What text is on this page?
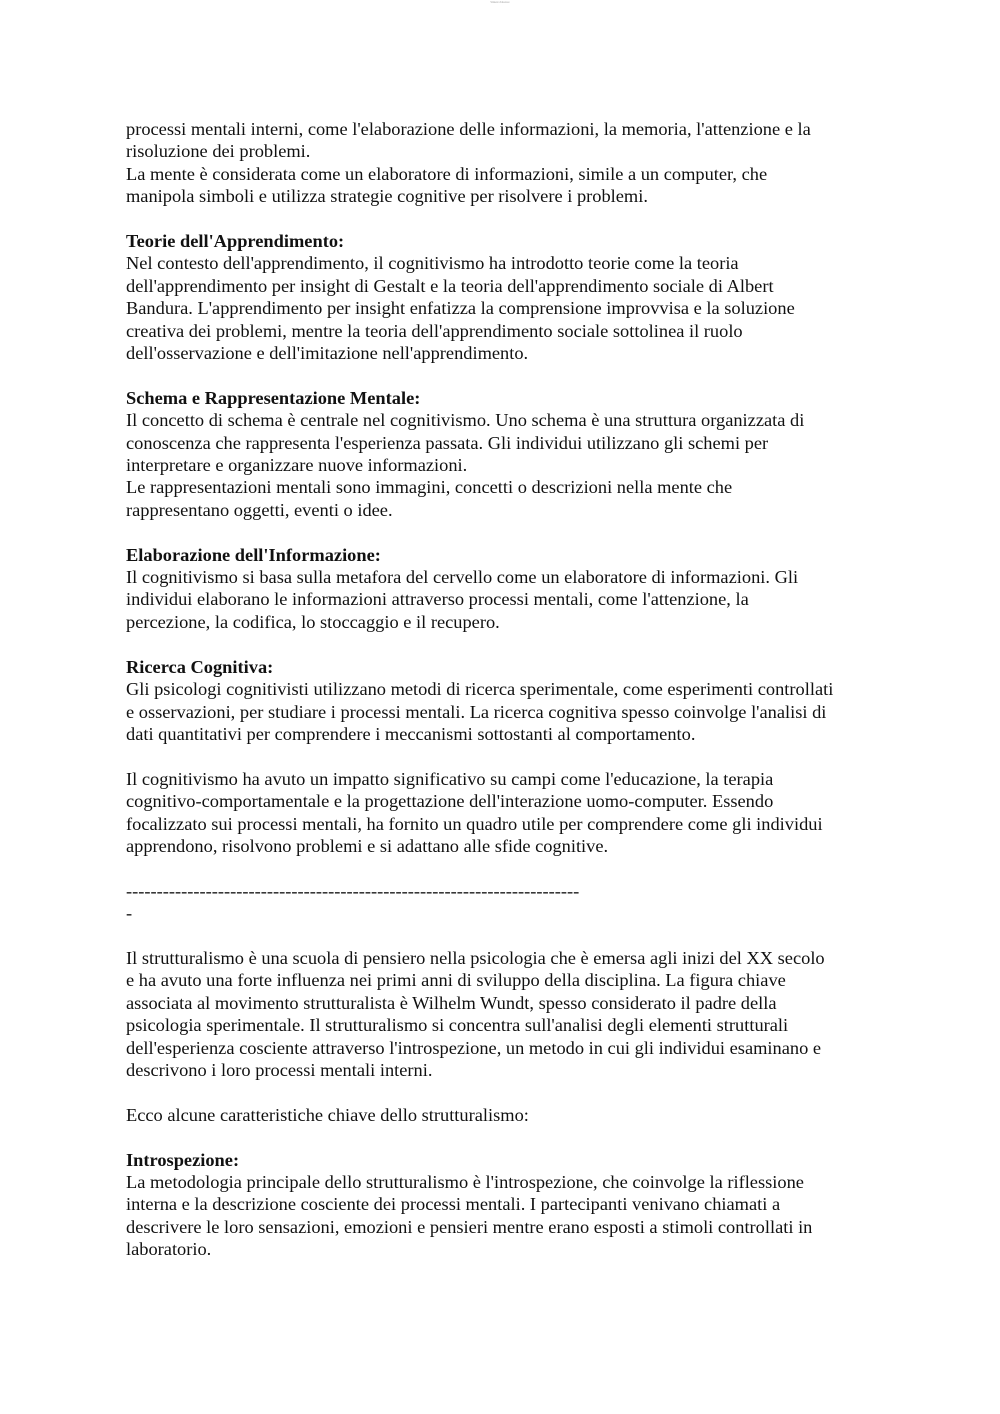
Sintesi d'Autore

processi mentali interni, come l'elaborazione delle informazioni, la memoria, l'attenzione e la
risoluzione dei problemi.
La mente è considerata come un elaboratore di informazioni, simile a un computer, che
manipola simboli e utilizza strategie cognitive per risolvere i problemi.

Teorie dell'Apprendimento:

Nel contesto dell'apprendimento, il cognitivismo ha introdotto teorie come la teoria
dell'apprendimento per insight di Gestalt e la teoria dell'apprendimento sociale di Albert
Bandura. L'apprendimento per insight enfatizza la comprensione improvvisa e la soluzione
creativa dei problemi, mentre la teoria dell'apprendimento sociale sottolinea il ruolo
dell'osservazione e dell'imitazione nell'apprendimento.

Schema e Rappresentazione Mentale:

Il concetto di schema è centrale nel cognitivismo. Uno schema è una struttura organizzata di
conoscenza che rappresenta l'esperienza passata. Gli individui utilizzano gli schemi per
interpretare e organizzare nuove informazioni.
Le rappresentazioni mentali sono immagini, concetti o descrizioni nella mente che
rappresentano oggetti, eventi o idee.

Elaborazione dell'Informazione:

Il cognitivismo si basa sulla metafora del cervello come un elaboratore di informazioni. Gli
individui elaborano le informazioni attraverso processi mentali, come l'attenzione, la
percezione, la codifica, lo stoccaggio e il recupero.

Ricerca Cognitiva:

Gli psicologi cognitivisti utilizzano metodi di ricerca sperimentale, come esperimenti controllati
e osservazioni, per studiare i processi mentali. La ricerca cognitiva spesso coinvolge l'analisi di
dati quantitativi per comprendere i meccanismi sottostanti al comportamento.

Il cognitivismo ha avuto un impatto significativo su campi come l'educazione, la terapia
cognitivo-comportamentale e la progettazione dell'interazione uomo-computer. Essendo
focalizzato sui processi mentali, ha fornito un quadro utile per comprendere come gli individui
apprendono, risolvono problemi e si adattano alle sfide cognitive.

--------------------------------------------------------------------------
-

Il strutturalismo è una scuola di pensiero nella psicologia che è emersa agli inizi del XX secolo
e ha avuto una forte influenza nei primi anni di sviluppo della disciplina. La figura chiave
associata al movimento strutturalista è Wilhelm Wundt, spesso considerato il padre della
psicologia sperimentale. Il strutturalismo si concentra sull'analisi degli elementi strutturali
dell'esperienza cosciente attraverso l'introspezione, un metodo in cui gli individui esaminano e
descrivono i loro processi mentali interni.

Ecco alcune caratteristiche chiave dello strutturalismo:

Introspezione:

La metodologia principale dello strutturalismo è l'introspezione, che coinvolge la riflessione
interna e la descrizione cosciente dei processi mentali. I partecipanti venivano chiamati a
descrivere le loro sensazioni, emozioni e pensieri mentre erano esposti a stimoli controllati in
laboratorio.
